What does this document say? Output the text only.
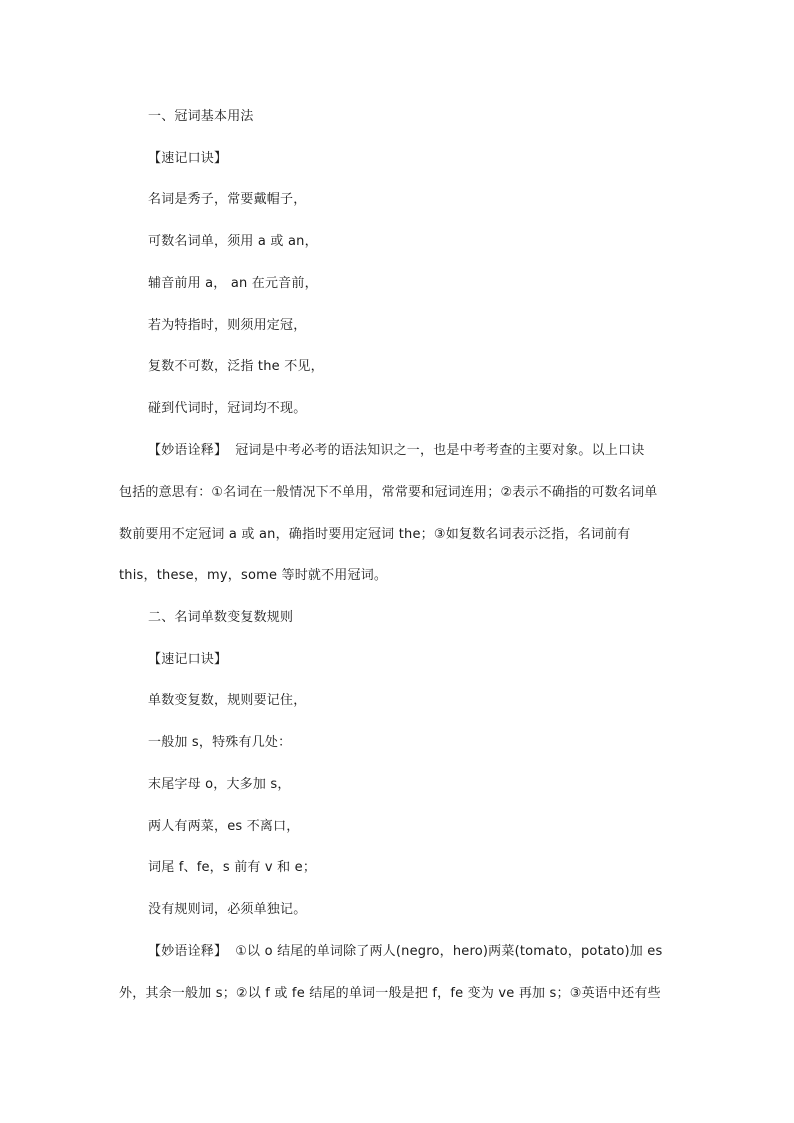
一、冠词基本用法
【速记口诀】
名词是秀子，常要戴帽子，
可数名词单，须用 a 或 an，
辅音前用 a， an 在元音前，
若为特指时，则须用定冠，
复数不可数，泛指 the 不见，
碰到代词时，冠词均不现。
【妙语诠释】 冠词是中考必考的语法知识之一，也是中考考查的主要对象。以上口诀
包括的意思有：①名词在一般情况下不单用，常常要和冠词连用；②表示不确指的可数名词单
数前要用不定冠词 a 或 an，确指时要用定冠词 the；③如复数名词表示泛指，名词前有
this，these，my，some 等时就不用冠词。
二、名词单数变复数规则
【速记口诀】
单数变复数，规则要记住，
一般加 s，特殊有几处：
末尾字母 o，大多加 s，
两人有两菜，es 不离口，
词尾 f、fe，s 前有 v 和 e；
没有规则词，必须单独记。
【妙语诠释】 ①以 o 结尾的单词除了两人(negro，hero)两菜(tomato，potato)加 es
外，其余一般加 s；②以 f 或 fe 结尾的单词一般是把 f，fe 变为 ve 再加 s；③英语中还有些
